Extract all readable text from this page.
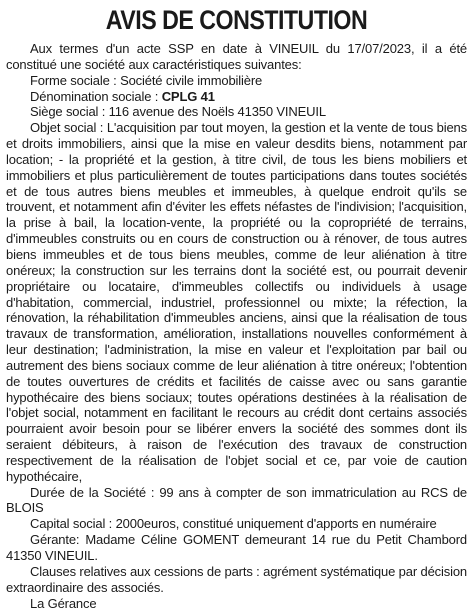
AVIS DE CONSTITUTION

Aux termes d'un acte SSP en date à VINEUIL du 17/07/2023, il a été constitué une société aux caractéristiques suivantes:

Forme sociale : Société civile immobilière

Dénomination sociale : CPLG 41

Siège social : 116 avenue des Noëls 41350 VINEUIL

Objet social : L'acquisition par tout moyen, la gestion et la vente de tous biens et droits immobiliers, ainsi que la mise en valeur desdits biens, notamment par location; - la propriété et la gestion, à titre civil, de tous les biens mobiliers et immobiliers et plus particulièrement de toutes participations dans toutes sociétés et de tous autres biens meubles et immeubles, à quelque endroit qu'ils se trouvent, et notamment afin d'éviter les effets néfastes de l'indivision; l'acquisition, la prise à bail, la location-vente, la propriété ou la copropriété de terrains, d'immeubles construits ou en cours de construction ou à rénover, de tous autres biens immeubles et de tous biens meubles, comme de leur aliénation à titre onéreux; la construction sur les terrains dont la société est, ou pourrait devenir propriétaire ou locataire, d'immeubles collectifs ou individuels à usage d'habitation, commercial, industriel, professionnel ou mixte; la réfection, la rénovation, la réhabilitation d'immeubles anciens, ainsi que la réalisation de tous travaux de transformation, amélioration, installations nouvelles conformément à leur destination; l'administration, la mise en valeur et l'exploitation par bail ou autrement des biens sociaux comme de leur aliénation à titre onéreux; l'obtention de toutes ouvertures de crédits et facilités de caisse avec ou sans garantie hypothécaire des biens sociaux; toutes opérations destinées à la réalisation de l'objet social, notamment en facilitant le recours au crédit dont certains associés pourraient avoir besoin pour se libérer envers la société des sommes dont ils seraient débiteurs, à raison de l'exécution des travaux de construction respectivement de la réalisation de l'objet social et ce, par voie de caution hypothécaire,

Durée de la Société : 99 ans à compter de son immatriculation au RCS de BLOIS

Capital social : 2000euros, constitué uniquement d'apports en numéraire

Gérante: Madame Céline GOMENT demeurant 14 rue du Petit Chambord 41350 VINEUIL.

Clauses relatives aux cessions de parts : agrément systématique par décision extraordinaire des associés.

La Gérance
